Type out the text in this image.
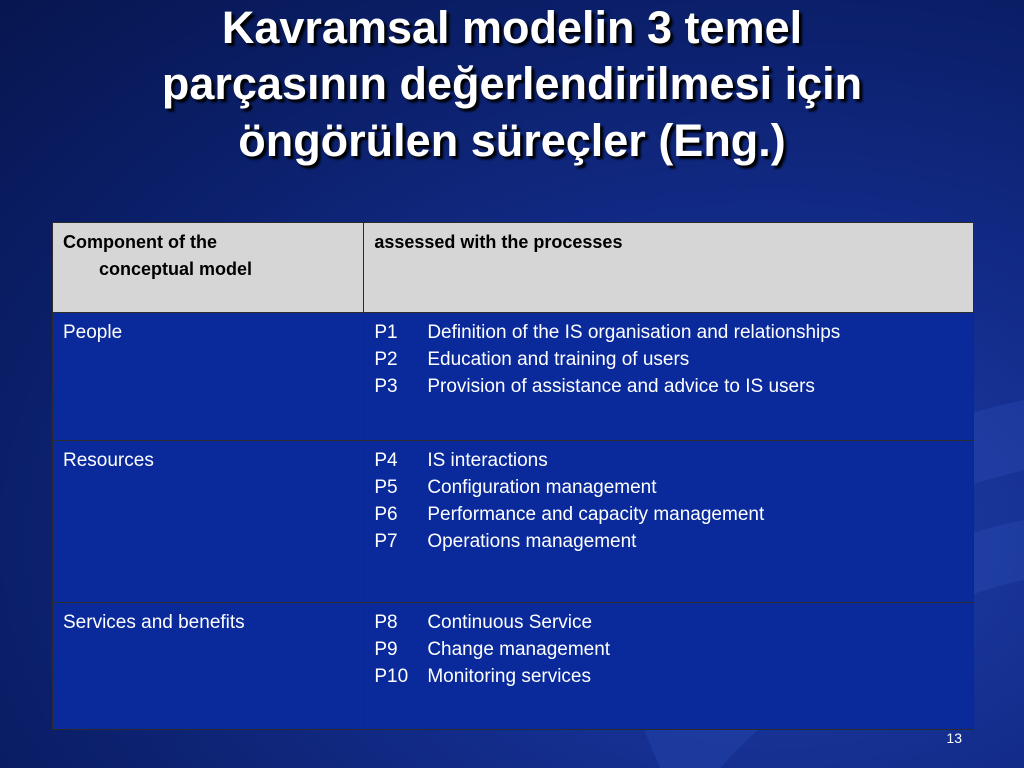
Kavramsal modelin 3 temel
parçasının değerlendirilmesi için
öngörülen süreçler (Eng.)
Component of the
conceptual model	assessed with the processes
People	P1 Definition of the IS organisation and relationships
P2 Education and training of users
P3 Provision of assistance and advice to IS users

Resources	P4 IS interactions
P5 Configuration management
P6 Performance and capacity management
P7 Operations management

Services and benefits	P8 Continuous Service
P9 Change management
P10 Monitoring services
13
